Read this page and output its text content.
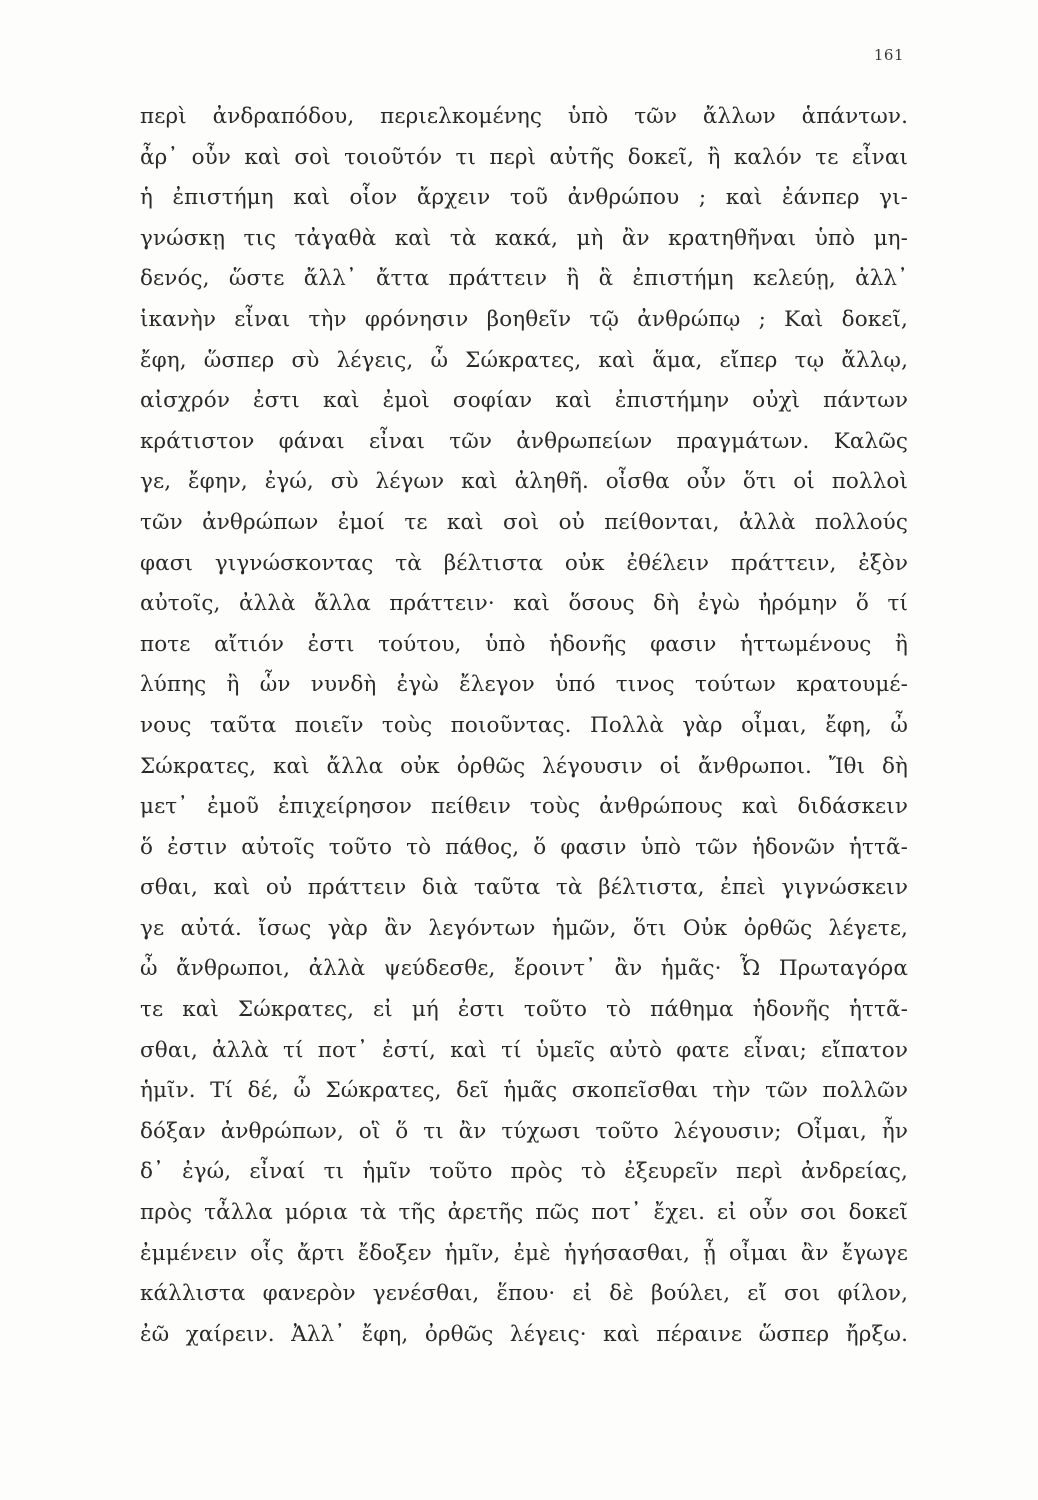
161
περὶ ἀνδραπόδου, περιελκομένης ὑπὸ τῶν ἄλλων ἁπάντων.
ἆρ᾽ οὖν καὶ σοὶ τοιοῦτόν τι περὶ αὐτῆς δοκεῖ, ἢ καλόν τε εἶναι
ἡ ἐπιστήμη καὶ οἷον ἄρχειν τοῦ ἀνθρώπου ; καὶ ἐάνπερ γι-
γνώσκῃ τις τἀγαθὰ καὶ τὰ κακά, μὴ ἂν κρατηθῆναι ὑπὸ μη-
δενός, ὥστε ἄλλ᾽ ἄττα πράττειν ἢ ἃ ἐπιστήμη κελεύῃ, ἀλλ᾽
ἱκανὴν εἶναι τὴν φρόνησιν βοηθεῖν τῷ ἀνθρώπῳ ; Καὶ δοκεῖ,
ἔφη, ὥσπερ σὺ λέγεις, ὦ Σώκρατες, καὶ ἅμα, εἴπερ τῳ ἄλλῳ,
αἰσχρόν ἐστι καὶ ἐμοὶ σοφίαν καὶ ἐπιστήμην οὐχὶ πάντων
κράτιστον φάναι εἶναι τῶν ἀνθρωπείων πραγμάτων. Καλῶς
γε, ἔφην, ἐγώ, σὺ λέγων καὶ ἀληθῆ. οἶσθα οὖν ὅτι οἱ πολλοὶ
τῶν ἀνθρώπων ἐμοί τε καὶ σοὶ οὐ πείθονται, ἀλλὰ πολλούς
φασι γιγνώσκοντας τὰ βέλτιστα οὐκ ἐθέλειν πράττειν, ἐξὸν
αὐτοῖς, ἀλλὰ ἄλλα πράττειν· καὶ ὅσους δὴ ἐγὼ ἠρόμην ὅ τί
ποτε αἴτιόν ἐστι τούτου, ὑπὸ ἡδονῆς φασιν ἡττωμένους ἢ
λύπης ἢ ὧν νυνδὴ ἐγὼ ἔλεγον ὑπό τινος τούτων κρατουμέ-
νους ταῦτα ποιεῖν τοὺς ποιοῦντας. Πολλὰ γὰρ οἶμαι, ἔφη, ὦ
Σώκρατες, καὶ ἄλλα οὐκ ὀρθῶς λέγουσιν οἱ ἄνθρωποι. Ἴθι δὴ
μετ᾽ ἐμοῦ ἐπιχείρησον πείθειν τοὺς ἀνθρώπους καὶ διδάσκειν
ὅ ἐστιν αὐτοῖς τοῦτο τὸ πάθος, ὅ φασιν ὑπὸ τῶν ἡδονῶν ἡττᾶ-
σθαι, καὶ οὐ πράττειν διὰ ταῦτα τὰ βέλτιστα, ἐπεὶ γιγνώσκειν
γε αὐτά. ἴσως γὰρ ἂν λεγόντων ἡμῶν, ὅτι Οὐκ ὀρθῶς λέγετε,
ὦ ἄνθρωποι, ἀλλὰ ψεύδεσθε, ἔροιντ᾽ ἂν ἡμᾶς· Ὦ Πρωταγόρα
τε καὶ Σώκρατες, εἰ μή ἐστι τοῦτο τὸ πάθημα ἡδονῆς ἡττᾶ-
σθαι, ἀλλὰ τί ποτ᾽ ἐστί, καὶ τί ὑμεῖς αὐτὸ φατε εἶναι; εἴπατον
ἡμῖν. Τί δέ, ὦ Σώκρατες, δεῖ ἡμᾶς σκοπεῖσθαι τὴν τῶν πολλῶν
δόξαν ἀνθρώπων, οἳ ὅ τι ἂν τύχωσι τοῦτο λέγουσιν; Οἶμαι, ἦν
δ᾽ ἐγώ, εἶναί τι ἡμῖν τοῦτο πρὸς τὸ ἐξευρεῖν περὶ ἀνδρείας,
πρὸς τἆλλα μόρια τὰ τῆς ἀρετῆς πῶς ποτ᾽ ἔχει. εἰ οὖν σοι δοκεῖ
ἐμμένειν οἷς ἄρτι ἔδοξεν ἡμῖν, ἐμὲ ἡγήσασθαι, ᾗ οἶμαι ἂν ἔγωγε
κάλλιστα φανερὸν γενέσθαι, ἕπου· εἰ δὲ βούλει, εἴ σοι φίλον,
ἐῶ χαίρειν. Ἀλλ᾽ ἔφη, ὀρθῶς λέγεις· καὶ πέραινε ὥσπερ ἤρξω.
